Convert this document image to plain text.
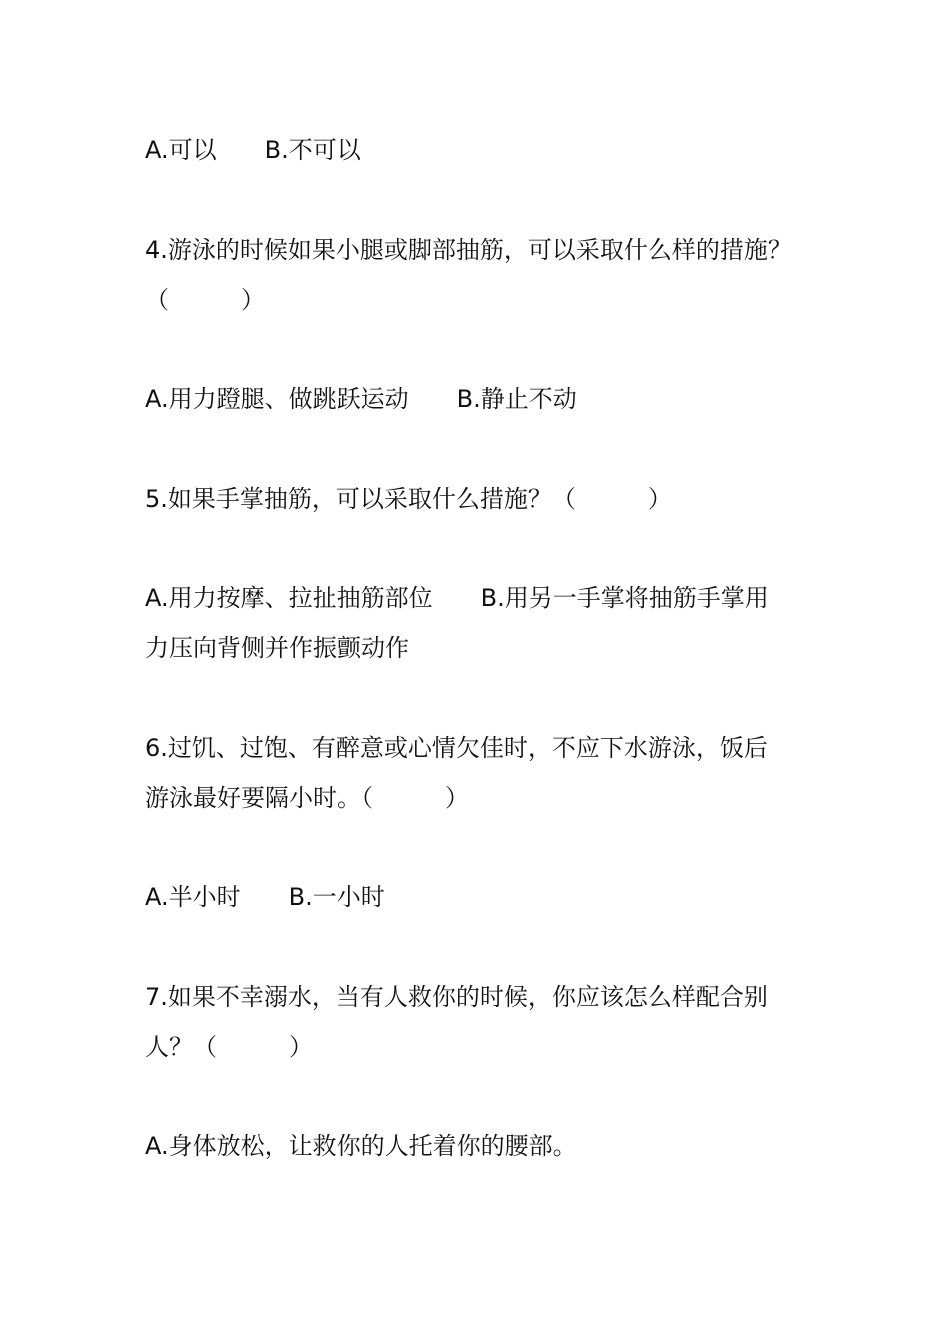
A.可以　　B.不可以
4.游泳的时候如果小腿或脚部抽筋，可以采取什么样的措施？
（　　　）
A.用力蹬腿、做跳跃运动　　B.静止不动
5.如果手掌抽筋，可以采取什么措施？（　　　）
A.用力按摩、拉扯抽筋部位　　B.用另一手掌将抽筋手掌用
力压向背侧并作振颤动作
6.过饥、过饱、有醉意或心情欠佳时，不应下水游泳，饭后
游泳最好要隔小时。（　　　）
A.半小时　　B.一小时
7.如果不幸溺水，当有人救你的时候，你应该怎么样配合别
人？（　　　）
A.身体放松，让救你的人托着你的腰部。
